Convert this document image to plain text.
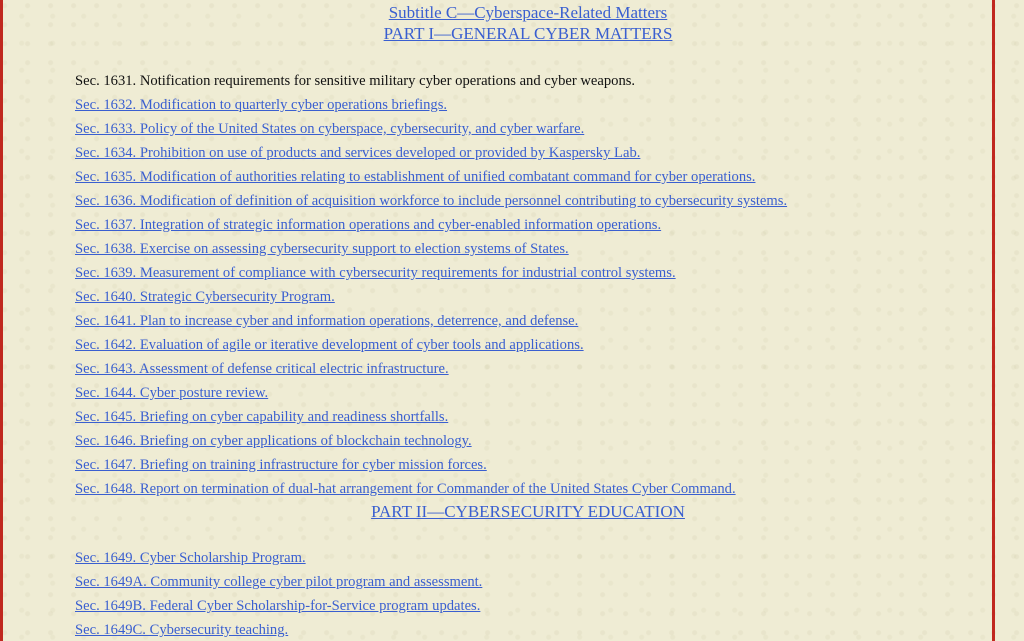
Subtitle C—Cyberspace-Related Matters
PART I—GENERAL CYBER MATTERS
Sec. 1631. Notification requirements for sensitive military cyber operations and cyber weapons.
Sec. 1632. Modification to quarterly cyber operations briefings.
Sec. 1633. Policy of the United States on cyberspace, cybersecurity, and cyber warfare.
Sec. 1634. Prohibition on use of products and services developed or provided by Kaspersky Lab.
Sec. 1635. Modification of authorities relating to establishment of unified combatant command for cyber operations.
Sec. 1636. Modification of definition of acquisition workforce to include personnel contributing to cybersecurity systems.
Sec. 1637. Integration of strategic information operations and cyber-enabled information operations.
Sec. 1638. Exercise on assessing cybersecurity support to election systems of States.
Sec. 1639. Measurement of compliance with cybersecurity requirements for industrial control systems.
Sec. 1640. Strategic Cybersecurity Program.
Sec. 1641. Plan to increase cyber and information operations, deterrence, and defense.
Sec. 1642. Evaluation of agile or iterative development of cyber tools and applications.
Sec. 1643. Assessment of defense critical electric infrastructure.
Sec. 1644. Cyber posture review.
Sec. 1645. Briefing on cyber capability and readiness shortfalls.
Sec. 1646. Briefing on cyber applications of blockchain technology.
Sec. 1647. Briefing on training infrastructure for cyber mission forces.
Sec. 1648. Report on termination of dual-hat arrangement for Commander of the United States Cyber Command.
PART II—CYBERSECURITY EDUCATION
Sec. 1649. Cyber Scholarship Program.
Sec. 1649A. Community college cyber pilot program and assessment.
Sec. 1649B. Federal Cyber Scholarship-for-Service program updates.
Sec. 1649C. Cybersecurity teaching.
